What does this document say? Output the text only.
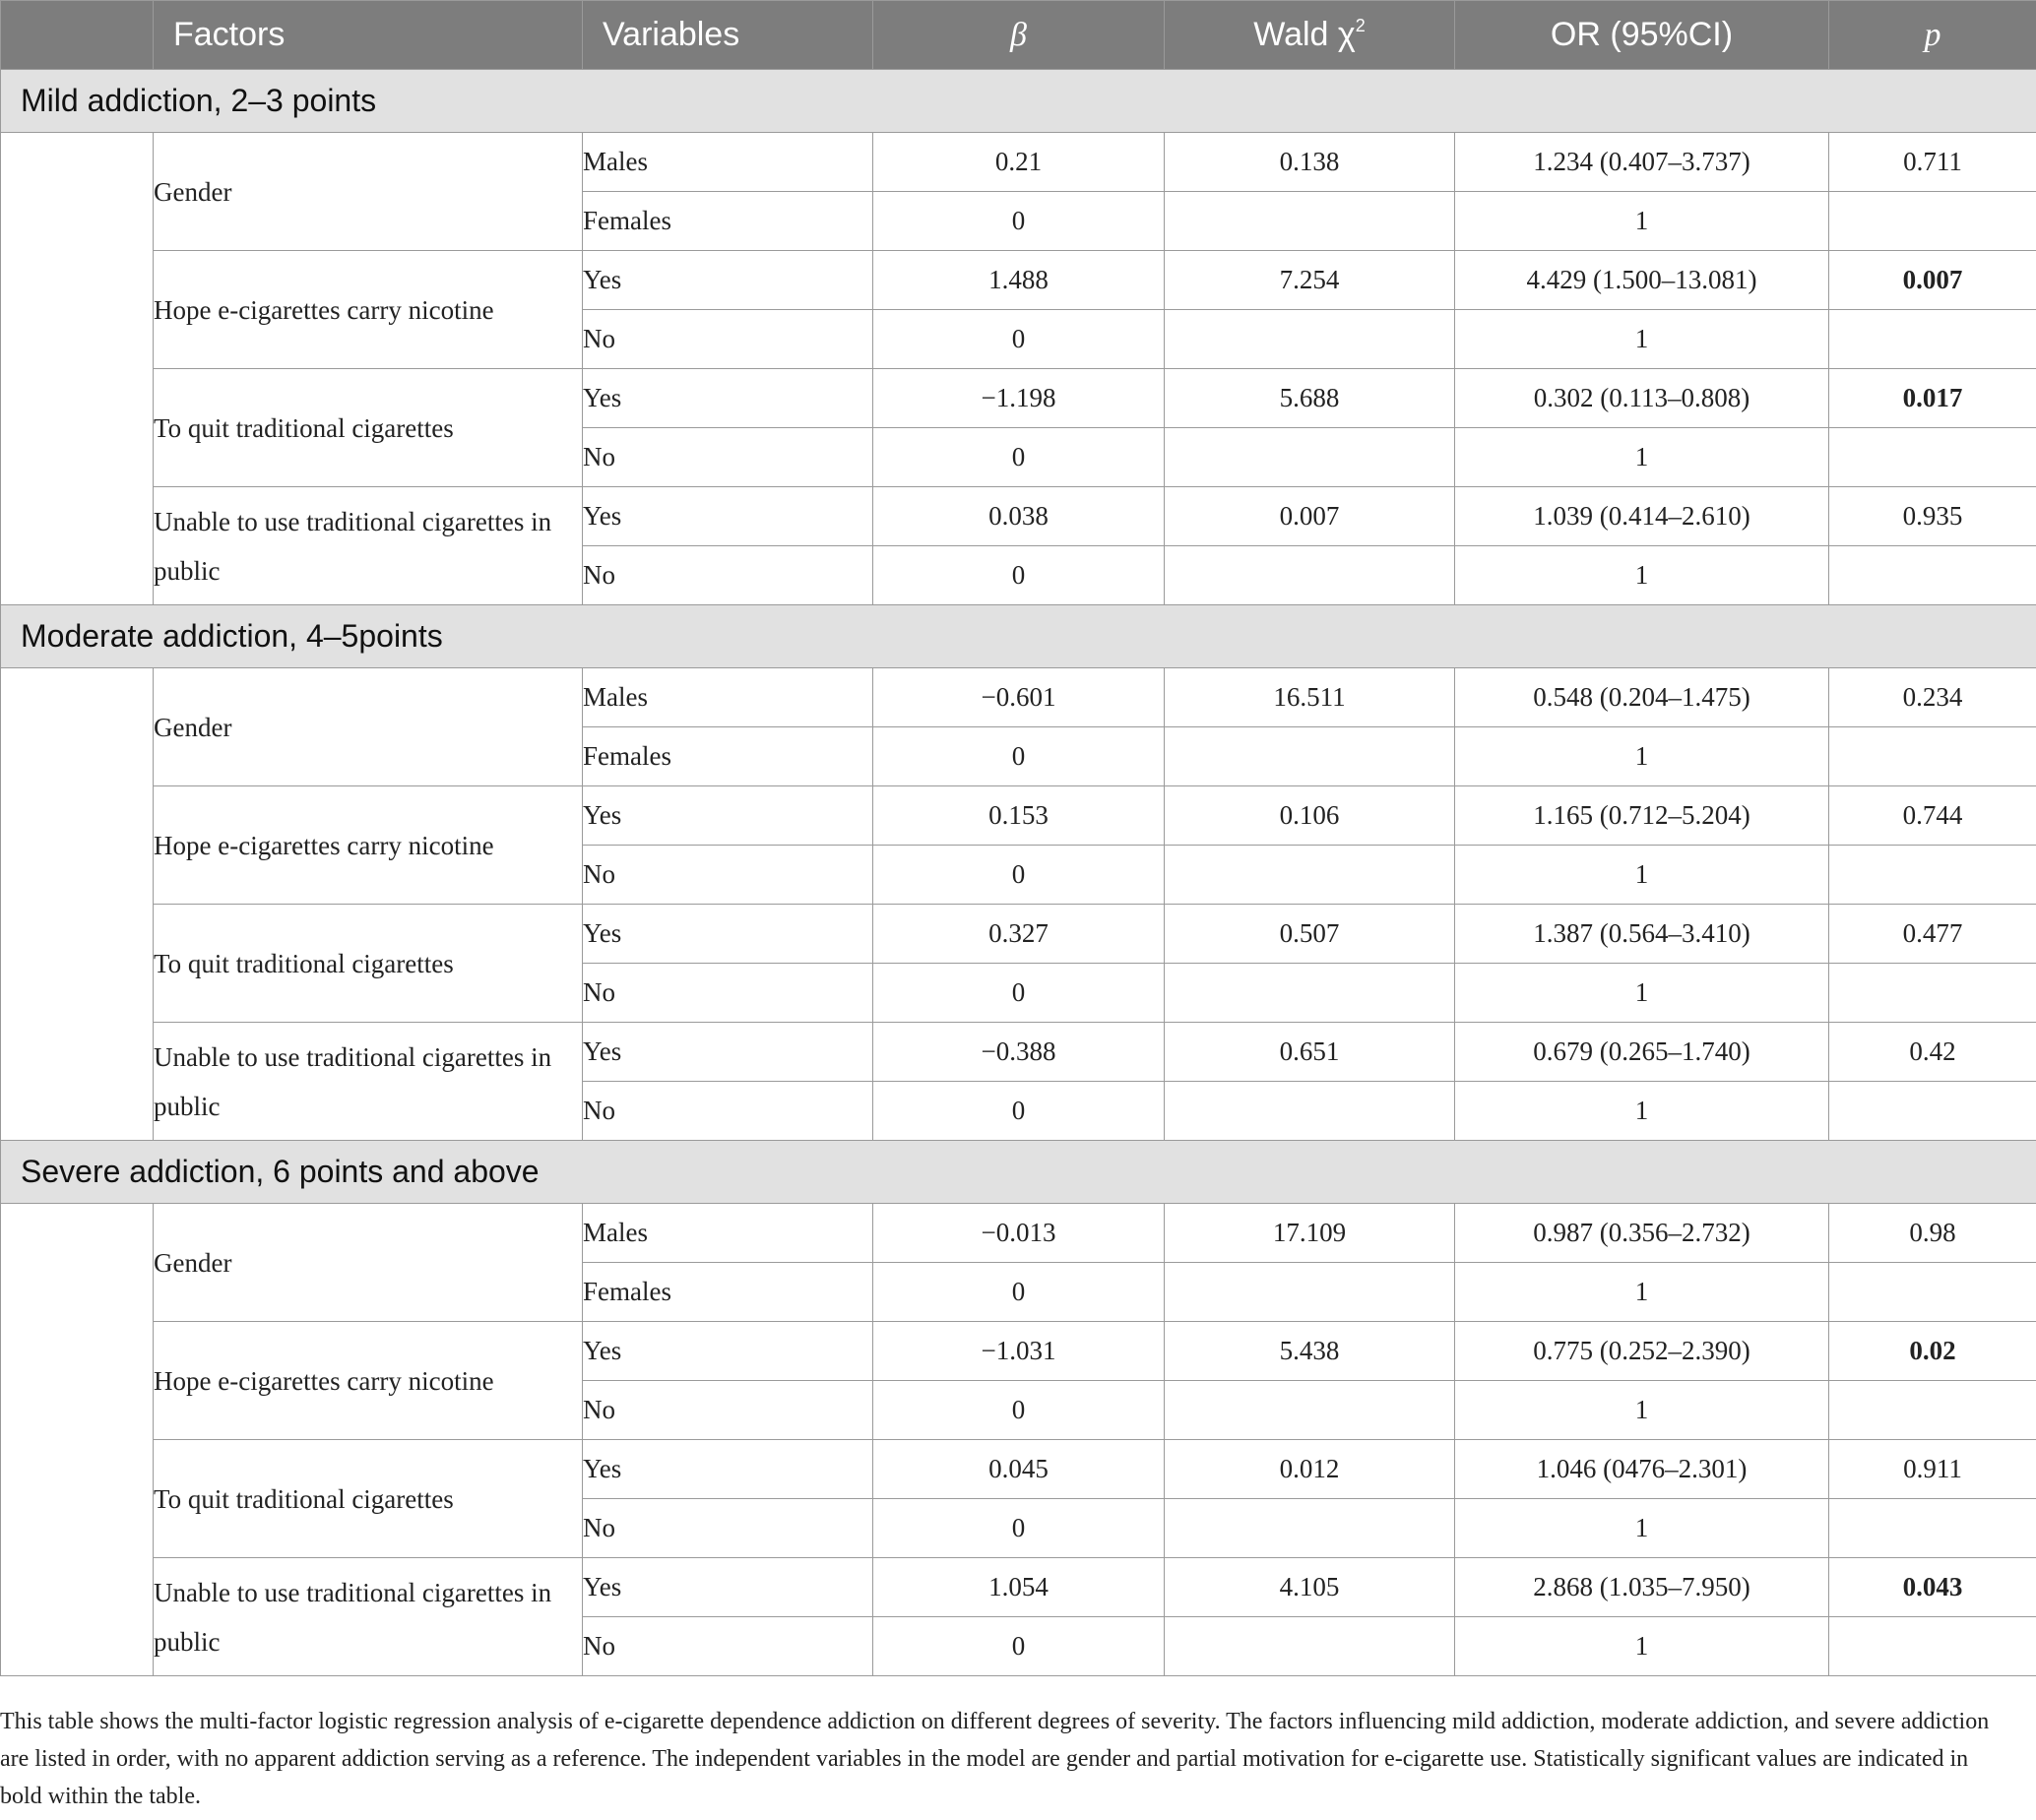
	Factors	Variables	β	Wald $\chi^2$	OR (95%CI)	p
Mild addiction, 2–3 points						
	Gender	Males	0.21	0.138	1.234 (0.407–3.737)	0.711
		Females	0		1	
	Hope e-cigarettes carry nicotine	Yes	1.488	7.254	4.429 (1.500–13.081)	0.007
		No	0		1	
	To quit traditional cigarettes	Yes	−1.198	5.688	0.302 (0.113–0.808)	0.017
		No	0		1	
	Unable to use traditional cigarettes in public	Yes	0.038	0.007	1.039 (0.414–2.610)	0.935
		No	0		1	
Moderate addiction, 4–5points						
	Gender	Males	−0.601	16.511	0.548 (0.204–1.475)	0.234
		Females	0		1	
	Hope e-cigarettes carry nicotine	Yes	0.153	0.106	1.165 (0.712–5.204)	0.744
		No	0		1	
	To quit traditional cigarettes	Yes	0.327	0.507	1.387 (0.564–3.410)	0.477
		No	0		1	
	Unable to use traditional cigarettes in public	Yes	−0.388	0.651	0.679 (0.265–1.740)	0.42
		No	0		1	
Severe addiction, 6 points and above						
	Gender	Males	−0.013	17.109	0.987 (0.356–2.732)	0.98
		Females	0		1	
	Hope e-cigarettes carry nicotine	Yes	−1.031	5.438	0.775 (0.252–2.390)	0.02
		No	0		1	
	To quit traditional cigarettes	Yes	0.045	0.012	1.046 (0476–2.301)	0.911
		No	0		1	
	Unable to use traditional cigarettes in public	Yes	1.054	4.105	2.868 (1.035–7.950)	0.043
		No	0		1	

This table shows the multi-factor logistic regression analysis of e-cigarette dependence addiction on different degrees of severity. The factors influencing mild addiction, moderate addiction, and severe addiction are listed in order, with no apparent addiction serving as a reference. The independent variables in the model are gender and partial motivation for e-cigarette use. Statistically significant values are indicated in bold within the table.
